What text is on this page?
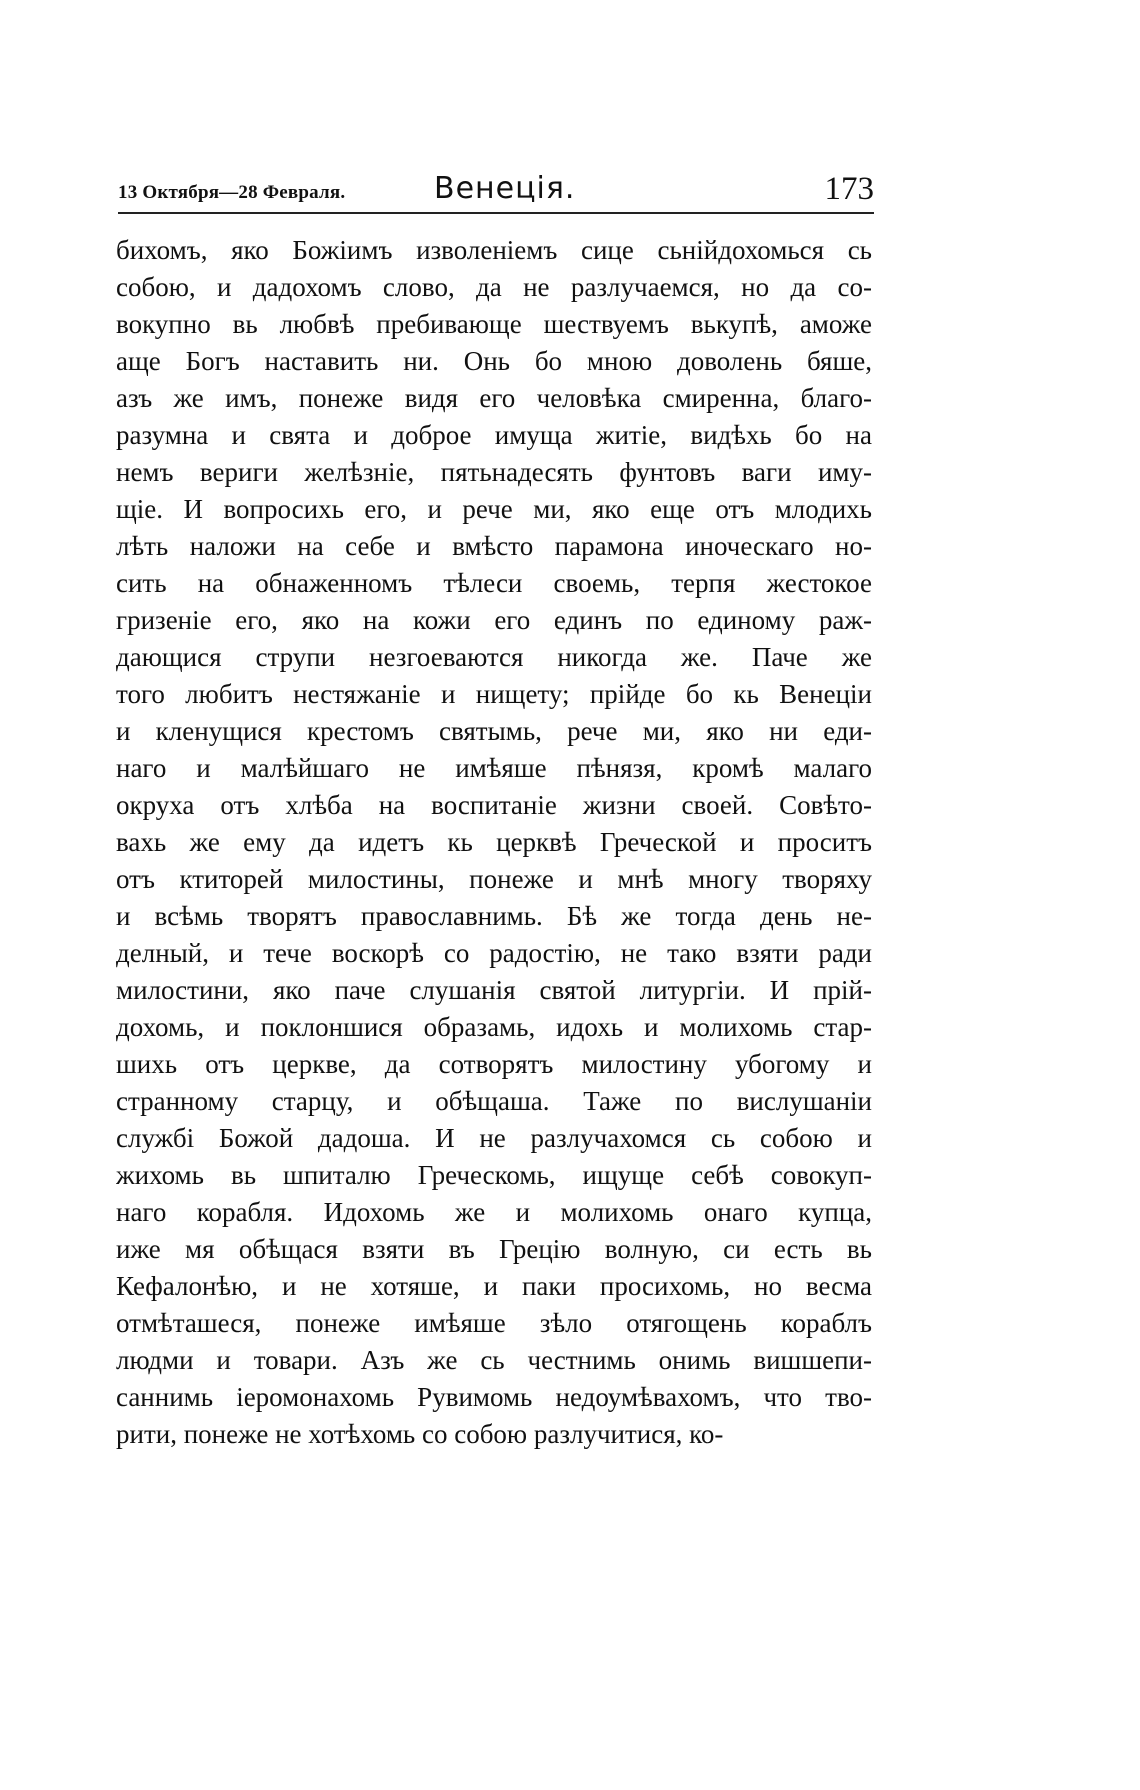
13 Октября—28 Февраля.	Венеція.	173
бихомъ, яко Божіимъ изволеніемъ сице сьнійдохомься сь
собою, и дадохомъ слово, да не разлучаемся, но да со-
вокупно вь любвѣ пребивающе шествуемъ вькупѣ, аможе
аще Богъ наставить ни. Онь бо мною доволень бяше,
азъ же имъ, понеже видя его человѣка смиренна, благо-
разумна и свята и доброе имуща житіе, видѣхь бо на
немъ вериги желѣзніе, пятьнадесять фунтовъ ваги иму-
щіе. И вопросихь его, и рече ми, яко еще отъ млодихь
лѣть наложи на себе и вмѣсто парамона иноческаго но-
сить на обнаженномъ тѣлеси своемь, терпя жестокое
гризеніе его, яко на кожи его единъ по единому раж-
дающися струпи незгоеваются никогда же. Паче же
того любитъ нестяжаніе и нищету; прійде бо кь Венеціи
и кленущися крестомъ святымь, рече ми, яко ни еди-
наго и малѣйшаго не имѣяше пѣнязя, кромѣ малаго
окруха отъ хлѣба на воспитаніе жизни своей. Совѣто-
вахь же ему да идетъ кь церквѣ Греческой и проситъ
отъ ктиторей милостины, понеже и мнѣ многу творяху
и всѣмь творятъ православнимь. Бѣ же тогда день не-
делный, и тече воскорѣ со радостію, не тако взяти ради
милостини, яко паче слушанія святой литургіи. И прій-
дохомь, и поклоншися образамь, идохь и молихомь стар-
шихь отъ церкве, да сотворятъ милостину убогому и
странному старцу, и обѣщаша. Таже по вислушаніи
службі Божой дадоша. И не разлучахомся сь собою и
жихомь вь шпиталю Греческомь, ищуще себѣ совокуп-
наго корабля. Идохомь же и молихомь онаго купца,
иже мя обѣщася взяти въ Грецію волную, си есть вь
Кефалонѣю, и не хотяше, и паки просихомь, но весма
отмѣташеся, понеже имѣяше зѣло отягощень кораблъ
людми и товари. Азъ же сь честнимь онимь вишшепи-
саннимь іеромонахомь Рувимомь недоумѣвахомъ, что тво-
рити, понеже не хотѣхомь со собою разлучитися, ко-
